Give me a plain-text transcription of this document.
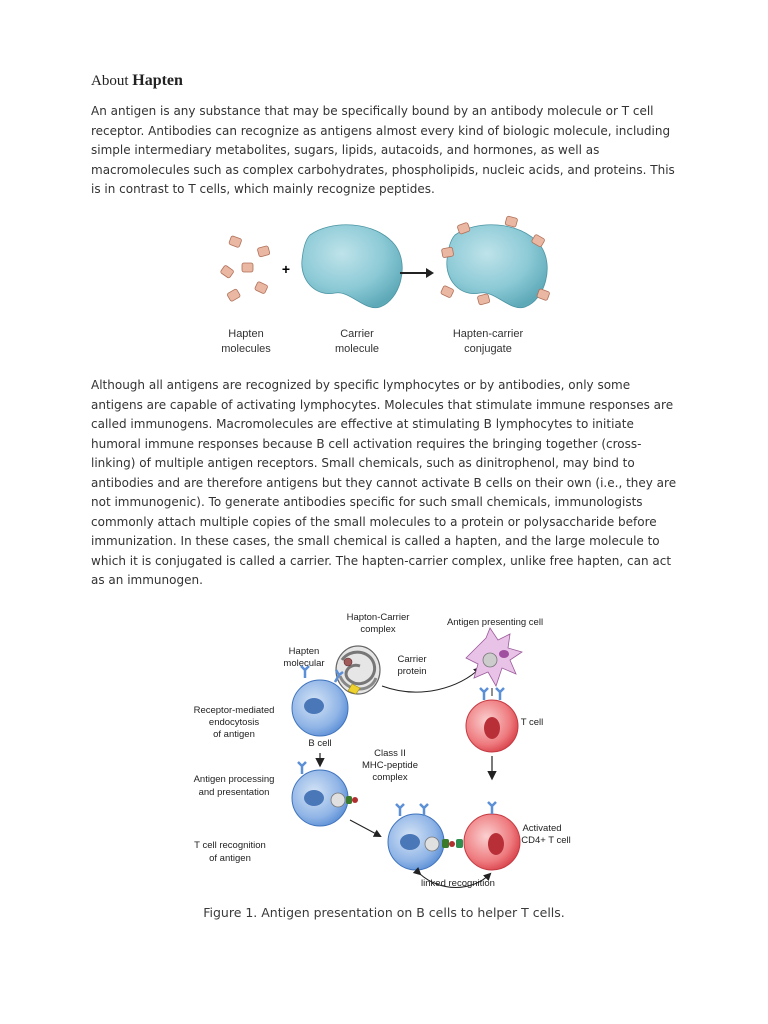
About Hapten

An antigen is any substance that may be specifically bound by an antibody molecule or T cell receptor. Antibodies can recognize as antigens almost every kind of biologic molecule, including simple intermediary metabolites, sugars, lipids, autacoids, and hormones, as well as macromolecules such as complex carbohydrates, phospholipids, nucleic acids, and proteins. This is in contrast to T cells, which mainly recognize peptides.

+
Hapten
molecules
Carrier
molecule
Hapten-carrier
conjugate

Although all antigens are recognized by specific lymphocytes or by antibodies, only some antigens are capable of activating lymphocytes. Molecules that stimulate immune responses are called immunogens. Macromolecules are effective at stimulating B lymphocytes to initiate humoral immune responses because B cell activation requires the bringing together (cross-linking) of multiple antigen receptors. Small chemicals, such as dinitrophenol, may bind to antibodies and are therefore antigens but they cannot activate B cells on their own (i.e., they are not immunogenic). To generate antibodies specific for such small chemicals, immunologists commonly attach multiple copies of the small molecules to a protein or polysaccharide before immunization. In these cases, the small chemical is called a hapten, and the large molecule to which it is conjugated is called a carrier. The hapten-carrier complex, unlike free hapten, can act as an immunogen.

Hapton-Carrier
complex
Antigen presenting cell
Hapten
molecular	Carrier
protein
Receptor-mediated
endocytosis
of antigen
B cell
T cell
Class II
MHC-peptide
complex
Antigen processing
and presentation
T cell recognition
of antigen
Activated
CD4+ T cell
linked recognition

Figure 1. Antigen presentation on B cells to helper T cells.
